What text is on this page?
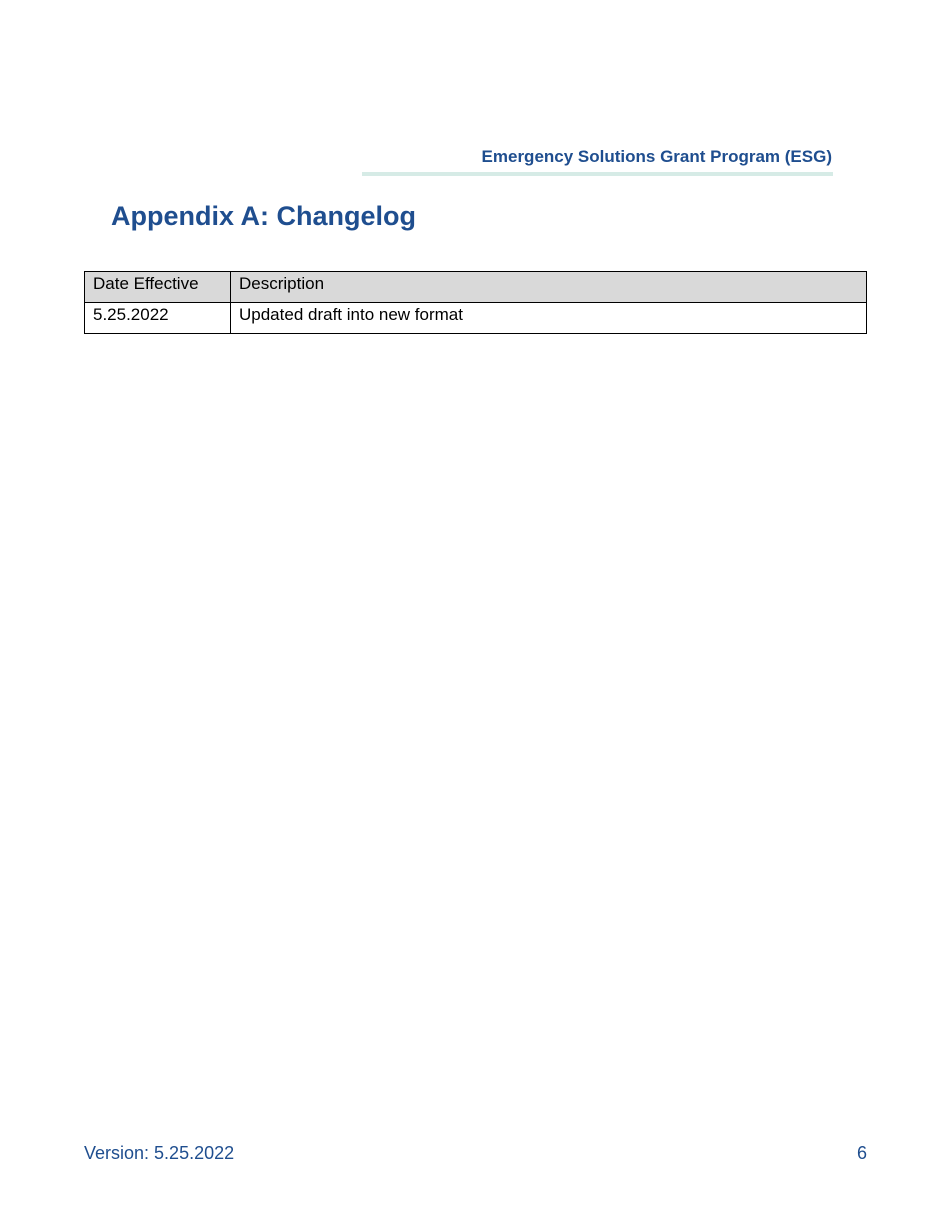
Emergency Solutions Grant Program (ESG)
Appendix A: Changelog
Date Effective	Description
5.25.2022	Updated draft into new format
Version: 5.25.2022	6
